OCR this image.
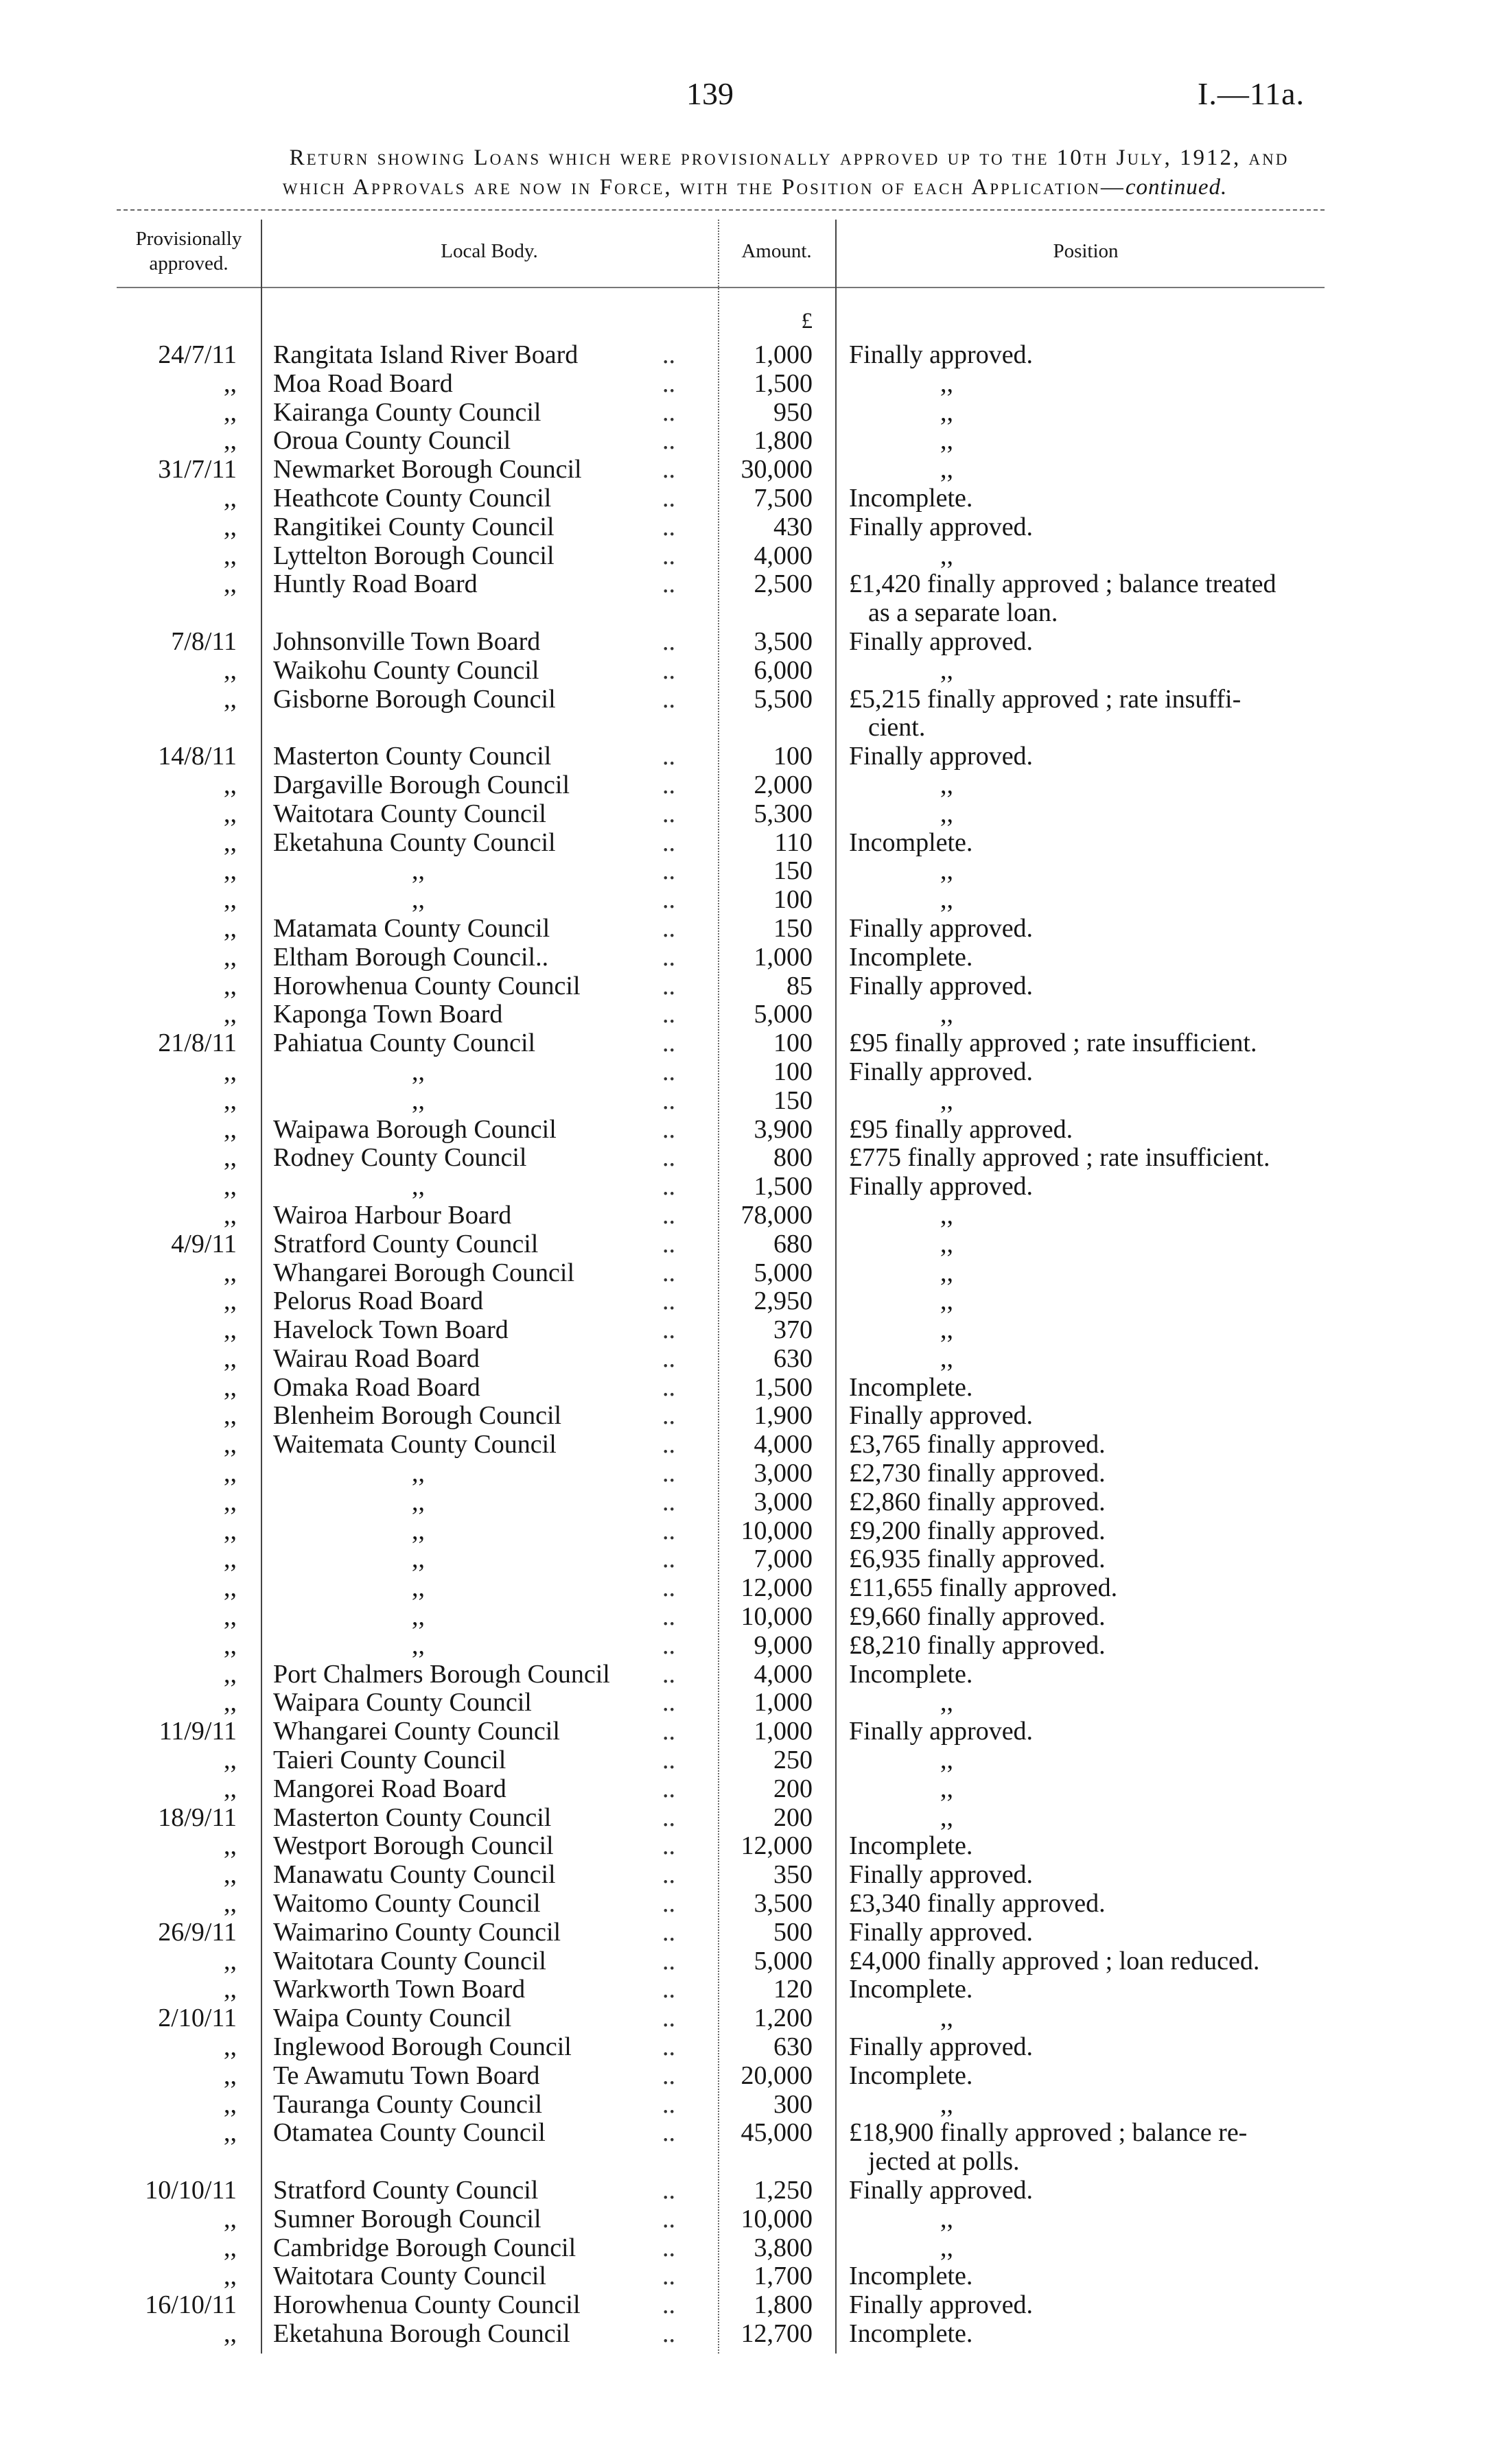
139	I.—11a.
Return showing Loans which were provisionally approved up to the 10th July, 1912, and
which Approvals are now in Force, with the Position of each Application—continued.
Provisionally approved.
Local Body.	Amount.	Position
£
24/7/11 Rangitata Island River Board	..	1,000 Finally approved.
,, Moa Road Board	..	1,500	,,
,, Kairanga County Council	..	950	,,
,, Oroua County Council	..	1,800	,,
31/7/11 Newmarket Borough Council	..	30,000	,,
,, Heathcote County Council	..	7,500 Incomplete.
,, Rangitikei County Council	..	430 Finally approved.
,, Lyttelton Borough Council	..	4,000	,,
,, Huntly Road Board	..	2,500 £1,420 finally approved ; balance treated
as a separate loan.
7/8/11 Johnsonville Town Board	..	3,500 Finally approved.
,, Waikohu County Council	..	6,000	,,
,, Gisborne Borough Council	..	5,500 £5,215 finally approved ; rate insuffi-
cient.
14/8/11 Masterton County Council	..	100 Finally approved.
,, Dargaville Borough Council	..	2,000	,,
,, Waitotara County Council	..	5,300	,,
,, Eketahuna County Council	..	110 Incomplete.
,,	,,	..	150	,,
,,	,,	..	100	,,
,, Matamata County Council	..	150 Finally approved.
,, Eltham Borough Council..	..	1,000 Incomplete.
,, Horowhenua County Council	..	85 Finally approved.
,, Kaponga Town Board	..	5,000	,,
21/8/11 Pahiatua County Council	..	100 £95 finally approved ; rate insufficient.
,,	,,	..	100 Finally approved.
,,	,,	..	150	,,
,, Waipawa Borough Council	..	3,900 £95 finally approved.
,, Rodney County Council	..	800 £775 finally approved ; rate insufficient.
,,	,,	..	1,500 Finally approved.
,, Wairoa Harbour Board	..	78,000	,,
4/9/11 Stratford County Council	..	680	,,
,, Whangarei Borough Council	..	5,000	,,
,, Pelorus Road Board	..	2,950	,,
,, Havelock Town Board	..	370	,,
,, Wairau Road Board	..	630	,,
,, Omaka Road Board	..	1,500 Incomplete.
,, Blenheim Borough Council	..	1,900 Finally approved.
,, Waitemata County Council	..	4,000 £3,765 finally approved.
,,	,,	..	3,000 £2,730 finally approved.
,,	,,	..	3,000 £2,860 finally approved.
,,	,,	..	10,000 £9,200 finally approved.
,,	,,	..	7,000 £6,935 finally approved.
,,	,,	..	12,000 £11,655 finally approved.
,,	,,	..	10,000 £9,660 finally approved.
,,	,,	..	9,000 £8,210 finally approved.
,, Port Chalmers Borough Council	..	4,000 Incomplete.
,, Waipara County Council	..	1,000	,,
11/9/11 Whangarei County Council	..	1,000 Finally approved.
,, Taieri County Council	..	250	,,
,, Mangorei Road Board	..	200	,,
18/9/11 Masterton County Council	..	200	,,
,, Westport Borough Council	..	12,000 Incomplete.
,, Manawatu County Council	..	350 Finally approved.
,, Waitomo County Council	..	3,500 £3,340 finally approved.
26/9/11 Waimarino County Council	..	500 Finally approved.
,, Waitotara County Council	..	5,000 £4,000 finally approved ; loan reduced.
,, Warkworth Town Board	..	120 Incomplete.
2/10/11 Waipa County Council	..	1,200	,,
,, Inglewood Borough Council	..	630 Finally approved.
,, Te Awamutu Town Board	..	20,000 Incomplete.
,, Tauranga County Council	..	300	,,
,, Otamatea County Council	..	45,000 £18,900 finally approved ; balance re-
jected at polls.
10/10/11 Stratford County Council	..	1,250 Finally approved.
,, Sumner Borough Council	..	10,000	,,
,, Cambridge Borough Council	..	3,800	,,
,, Waitotara County Council	..	1,700 Incomplete.
16/10/11 Horowhenua County Council	..	1,800 Finally approved.
,, Eketahuna Borough Council	..	12,700 Incomplete.
